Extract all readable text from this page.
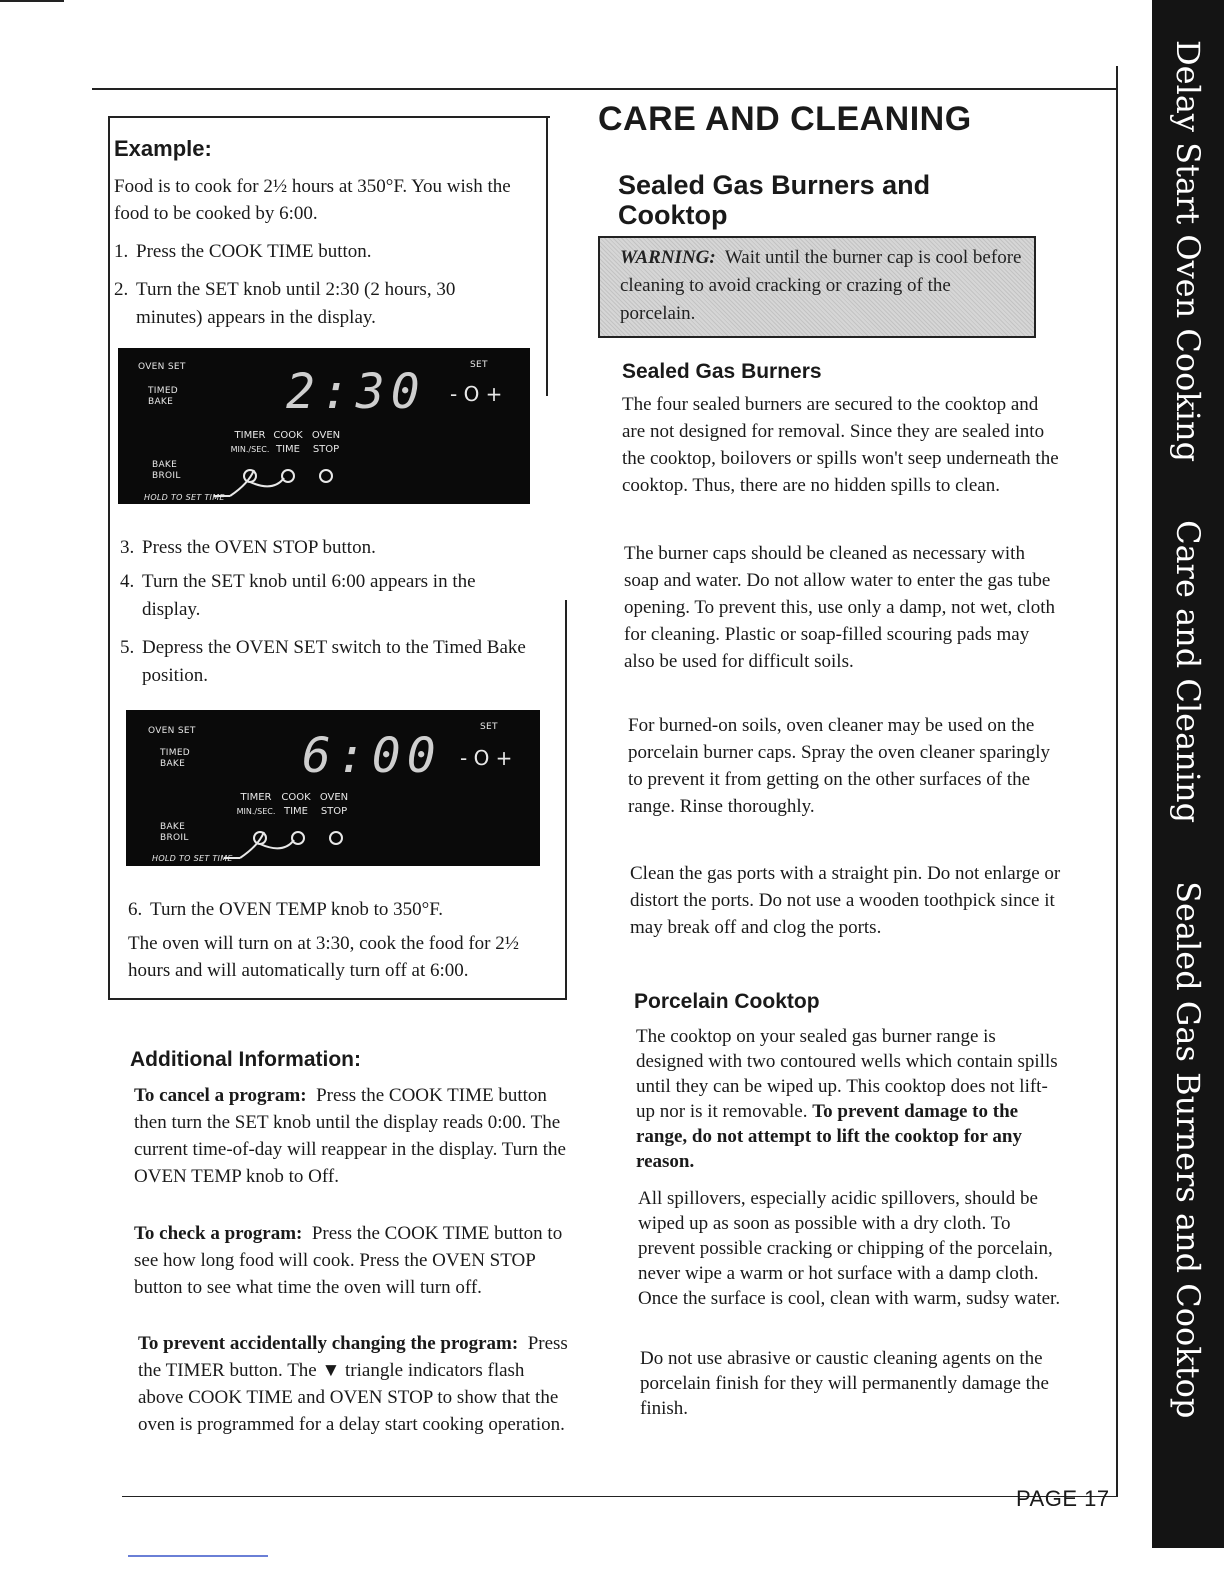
Example:
Food is to cook for 2½ hours at 350°F. You wish the food to be cooked by 6:00.
1. Press the COOK TIME button.
2. Turn the SET knob until 2:30 (2 hours, 30 minutes) appears in the display.
OVEN SET
TIMED
BAKE 2:30	SET
- O +
TIMER
MIN./SEC.
COOK
TIME
OVEN
STOP
BAKE
BROIL
HOLD TO SET TIME
3. Press the OVEN STOP button.
4. Turn the SET knob until 6:00 appears in the display.
5. Depress the OVEN SET switch to the Timed Bake position.
OVEN SET
TIMED
BAKE 6:00
SET
- O +
TIMER
MIN./SEC.
COOK
TIME
OVEN
STOP
BAKE
BROIL
HOLD TO SET TIME
6. Turn the OVEN TEMP knob to 350°F.
The oven will turn on at 3:30, cook the food for 2½ hours and will automatically turn off at 6:00.
Additional Information:
To cancel a program: Press the COOK TIME button then turn the SET knob until the display reads 0:00. The current time-of-day will reappear in the display. Turn the OVEN TEMP knob to Off.
To check a program: Press the COOK TIME button to see how long food will cook. Press the OVEN STOP button to see what time the oven will turn off.
To prevent accidentally changing the program: Press the TIMER button. The ▼ triangle indicators flash above COOK TIME and OVEN STOP to show that the oven is programmed for a delay start cooking operation.
CARE AND CLEANING
Sealed Gas Burners and Cooktop
WARNING: Wait until the burner cap is cool before cleaning to avoid cracking or crazing of the porcelain.
Sealed Gas Burners
The four sealed burners are secured to the cooktop and are not designed for removal. Since they are sealed into the cooktop, boilovers or spills won't seep underneath the cooktop. Thus, there are no hidden spills to clean.
The burner caps should be cleaned as necessary with soap and water. Do not allow water to enter the gas tube opening. To prevent this, use only a damp, not wet, cloth for cleaning. Plastic or soap-filled scouring pads may also be used for difficult soils.
For burned-on soils, oven cleaner may be used on the porcelain burner caps. Spray the oven cleaner sparingly to prevent it from getting on the other surfaces of the range. Rinse thoroughly.
Clean the gas ports with a straight pin. Do not enlarge or distort the ports. Do not use a wooden toothpick since it may break off and clog the ports.
Porcelain Cooktop
The cooktop on your sealed gas burner range is designed with two contoured wells which contain spills until they can be wiped up. This cooktop does not lift-up nor is it removable. To prevent damage to the range, do not attempt to lift the cooktop for any reason.
All spillovers, especially acidic spillovers, should be wiped up as soon as possible with a dry cloth. To prevent possible cracking or chipping of the porcelain, never wipe a warm or hot surface with a damp cloth. Once the surface is cool, clean with warm, sudsy water.
Do not use abrasive or caustic cleaning agents on the porcelain finish for they will permanently damage the finish.
Delay Start Oven Cooking
Care and Cleaning
Sealed Gas Burners and Cooktop
PAGE 17
